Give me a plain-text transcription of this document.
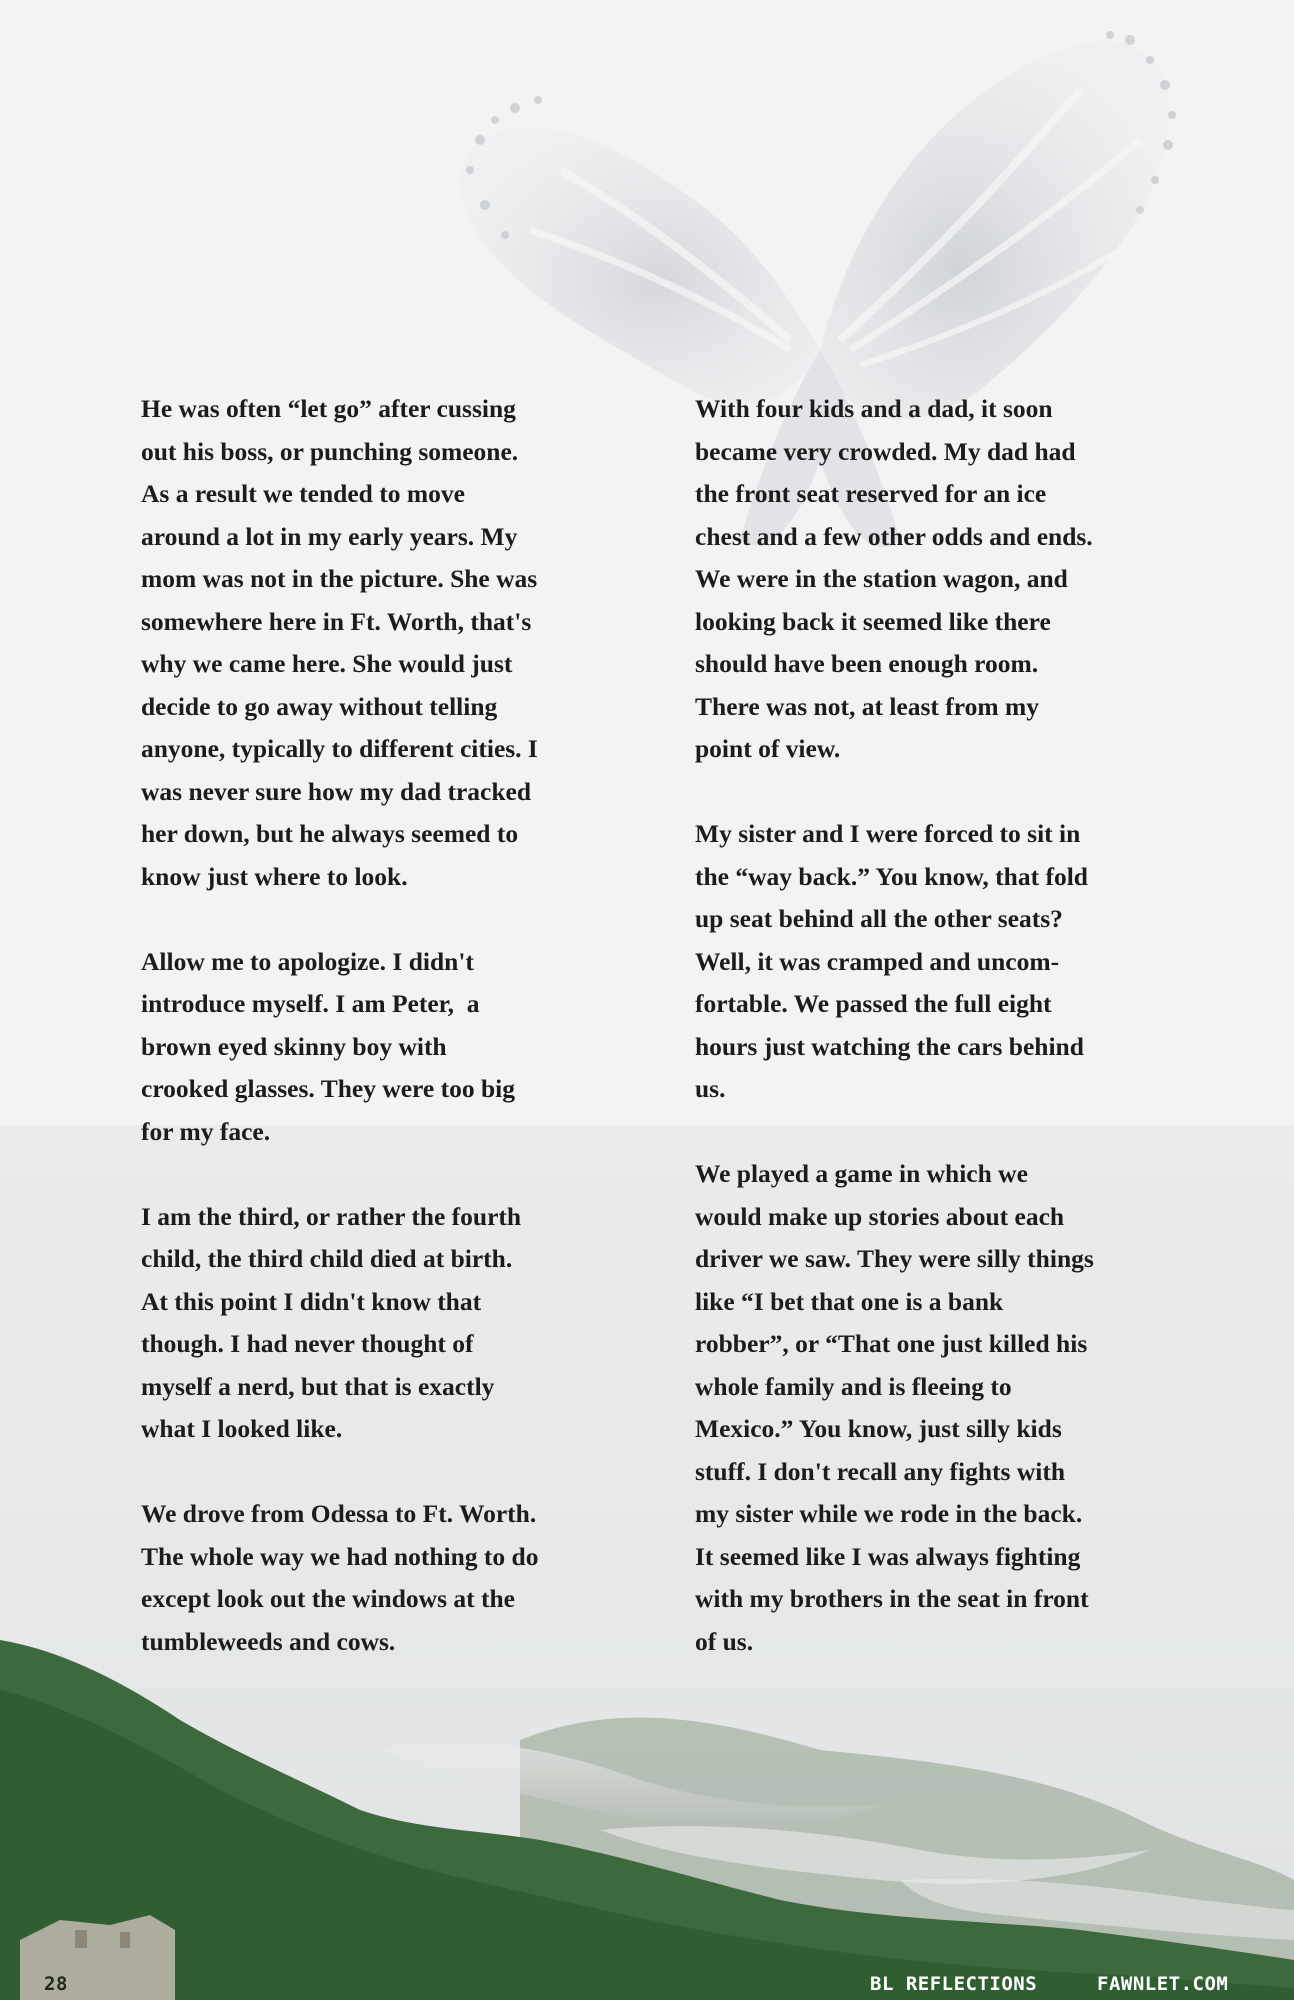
He was often “let go” after cussing
out his boss, or punching someone.
As a result we tended to move
around a lot in my early years. My
mom was not in the picture. She was
somewhere here in Ft. Worth, that's
why we came here. She would just
decide to go away without telling
anyone, typically to different cities. I
was never sure how my dad tracked
her down, but he always seemed to
know just where to look.

Allow me to apologize. I didn't
introduce myself. I am Peter,  a
brown eyed skinny boy with
crooked glasses. They were too big
for my face.

I am the third, or rather the fourth
child, the third child died at birth.
At this point I didn't know that
though. I had never thought of
myself a nerd, but that is exactly
what I looked like.

We drove from Odessa to Ft. Worth.
The whole way we had nothing to do
except look out the windows at the
tumbleweeds and cows.

With four kids and a dad, it soon
became very crowded. My dad had
the front seat reserved for an ice
chest and a few other odds and ends.
We were in the station wagon, and
looking back it seemed like there
should have been enough room.
There was not, at least from my
point of view.

My sister and I were forced to sit in
the “way back.” You know, that fold
up seat behind all the other seats?
Well, it was cramped and uncom-
fortable. We passed the full eight
hours just watching the cars behind
us.

We played a game in which we
would make up stories about each
driver we saw. They were silly things
like “I bet that one is a bank
robber”, or “That one just killed his
whole family and is fleeing to
Mexico.” You know, just silly kids
stuff. I don't recall any fights with
my sister while we rode in the back.
It seemed like I was always fighting
with my brothers in the seat in front
of us.

28	BL REFLECTIONS	FAWNLET.COM
